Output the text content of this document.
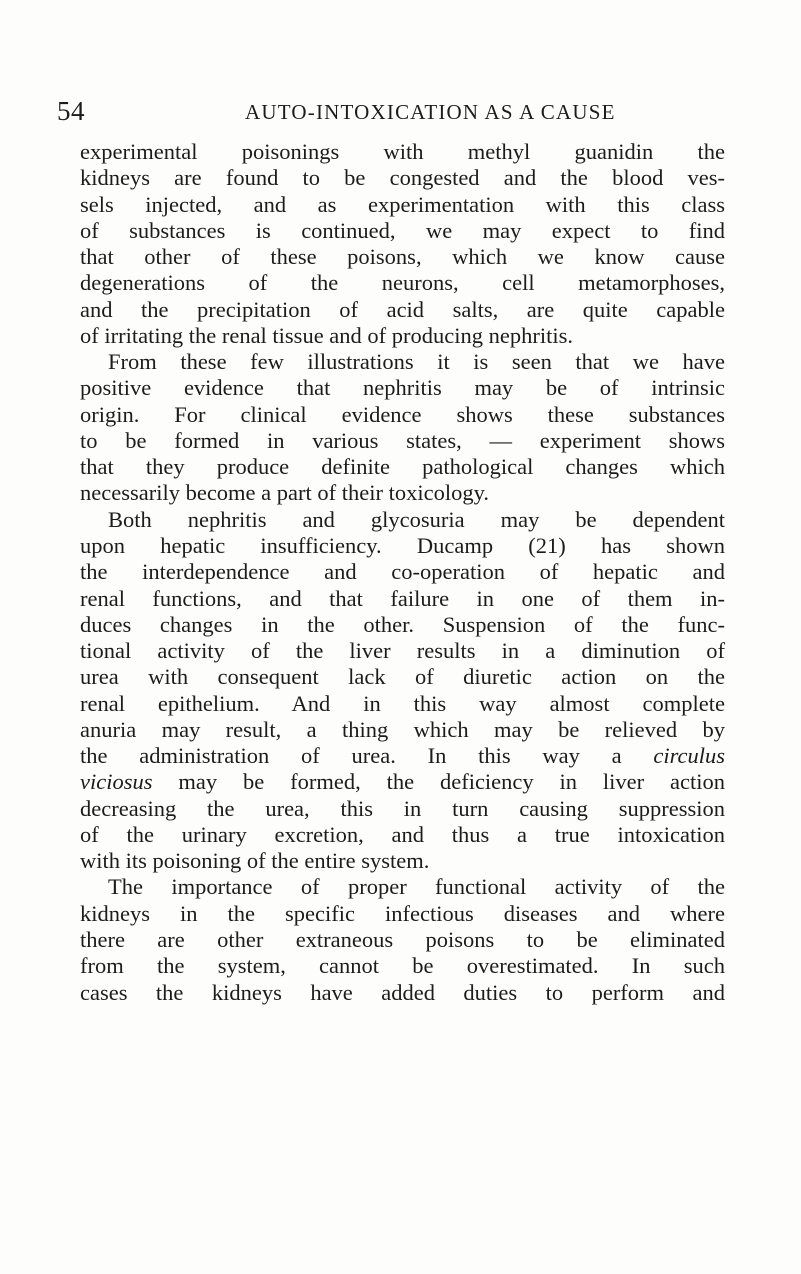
54	AUTO-INTOXICATION AS A CAUSE
experimental poisonings with methyl guanidin the
kidneys are found to be congested and the blood ves-
sels injected, and as experimentation with this class
of substances is continued, we may expect to find
that other of these poisons, which we know cause
degenerations of the neurons, cell metamorphoses,
and the precipitation of acid salts, are quite capable
of irritating the renal tissue and of producing nephritis.
From these few illustrations it is seen that we have
positive evidence that nephritis may be of intrinsic
origin. For clinical evidence shows these substances
to be formed in various states, — experiment shows
that they produce definite pathological changes which
necessarily become a part of their toxicology.
Both nephritis and glycosuria may be dependent
upon hepatic insufficiency. Ducamp (21) has shown
the interdependence and co-operation of hepatic and
renal functions, and that failure in one of them in-
duces changes in the other. Suspension of the func-
tional activity of the liver results in a diminution of
urea with consequent lack of diuretic action on the
renal epithelium. And in this way almost complete
anuria may result, a thing which may be relieved by
the administration of urea. In this way a circulus
viciosus may be formed, the deficiency in liver action
decreasing the urea, this in turn causing suppression
of the urinary excretion, and thus a true intoxication
with its poisoning of the entire system.
The importance of proper functional activity of the
kidneys in the specific infectious diseases and where
there are other extraneous poisons to be eliminated
from the system, cannot be overestimated. In such
cases the kidneys have added duties to perform and
